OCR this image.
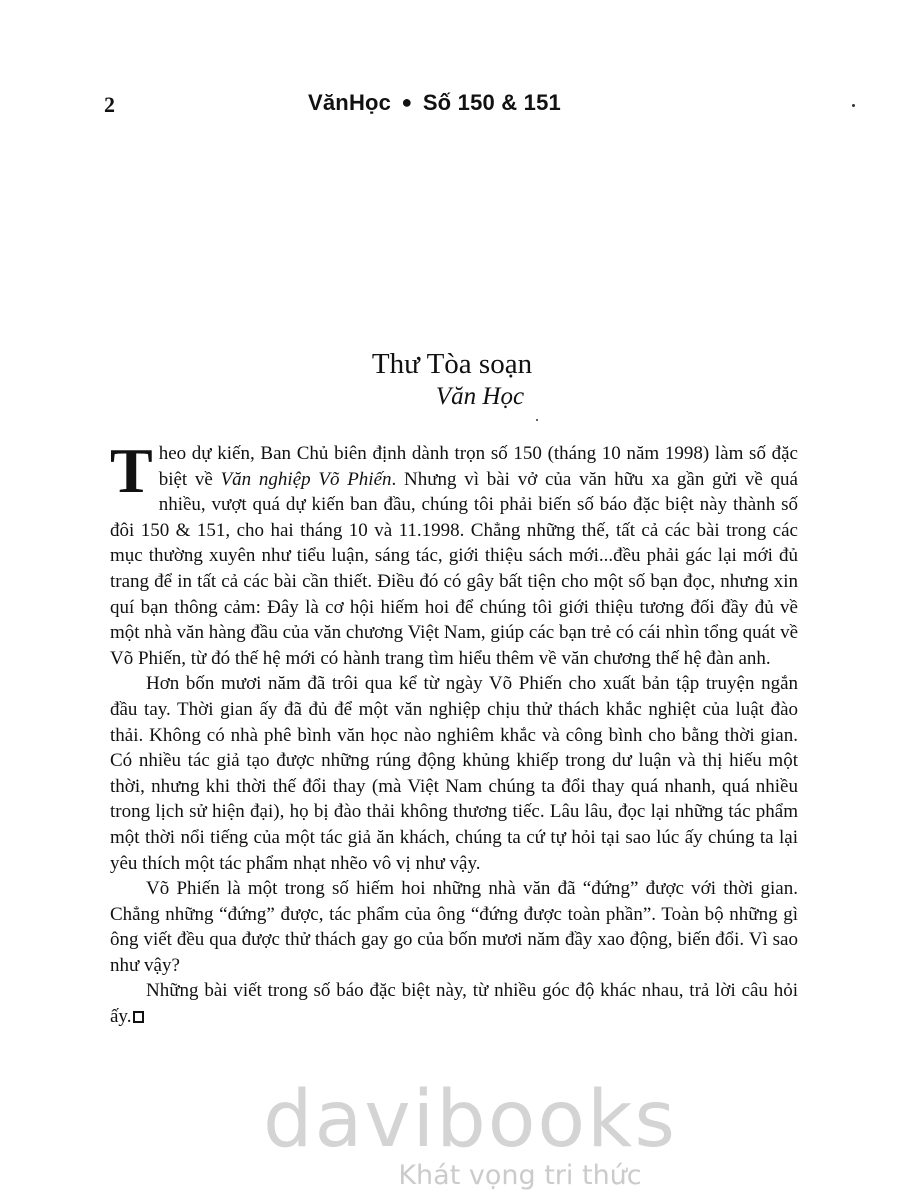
2	VănHọc ● Số 150 & 151
Thư Tòa soạn
Văn Học

Theo dự kiến, Ban Chủ biên định dành trọn số 150 (tháng 10 năm 1998) làm số đặc biệt về Văn nghiệp Võ Phiến. Nhưng vì bài vở của văn hữu xa gần gửi về quá nhiều, vượt quá dự kiến ban đầu, chúng tôi phải biến số báo đặc biệt này thành số đôi 150 & 151, cho hai tháng 10 và 11.1998. Chẳng những thế, tất cả các bài trong các mục thường xuyên như tiểu luận, sáng tác, giới thiệu sách mới...đều phải gác lại mới đủ trang để in tất cả các bài cần thiết. Điều đó có gây bất tiện cho một số bạn đọc, nhưng xin quí bạn thông cảm: Đây là cơ hội hiếm hoi để chúng tôi giới thiệu tương đối đầy đủ về một nhà văn hàng đầu của văn chương Việt Nam, giúp các bạn trẻ có cái nhìn tổng quát về Võ Phiến, từ đó thế hệ mới có hành trang tìm hiểu thêm về văn chương thế hệ đàn anh.

Hơn bốn mươi năm đã trôi qua kể từ ngày Võ Phiến cho xuất bản tập truyện ngắn đầu tay. Thời gian ấy đã đủ để một văn nghiệp chịu thử thách khắc nghiệt của luật đào thải. Không có nhà phê bình văn học nào nghiêm khắc và công bình cho bằng thời gian. Có nhiều tác giả tạo được những rúng động khủng khiếp trong dư luận và thị hiếu một thời, nhưng khi thời thế đổi thay (mà Việt Nam chúng ta đổi thay quá nhanh, quá nhiều trong lịch sử hiện đại), họ bị đào thải không thương tiếc. Lâu lâu, đọc lại những tác phẩm một thời nổi tiếng của một tác giả ăn khách, chúng ta cứ tự hỏi tại sao lúc ấy chúng ta lại yêu thích một tác phẩm nhạt nhẽo vô vị như vậy.

Võ Phiến là một trong số hiếm hoi những nhà văn đã “đứng” được với thời gian. Chẳng những “đứng” được, tác phẩm của ông “đứng được toàn phần”. Toàn bộ những gì ông viết đều qua được thử thách gay go của bốn mươi năm đầy xao động, biến đổi. Vì sao như vậy?

Những bài viết trong số báo đặc biệt này, từ nhiều góc độ khác nhau, trả lời câu hỏi ấy.

davibooks
Khát vọng tri thức
